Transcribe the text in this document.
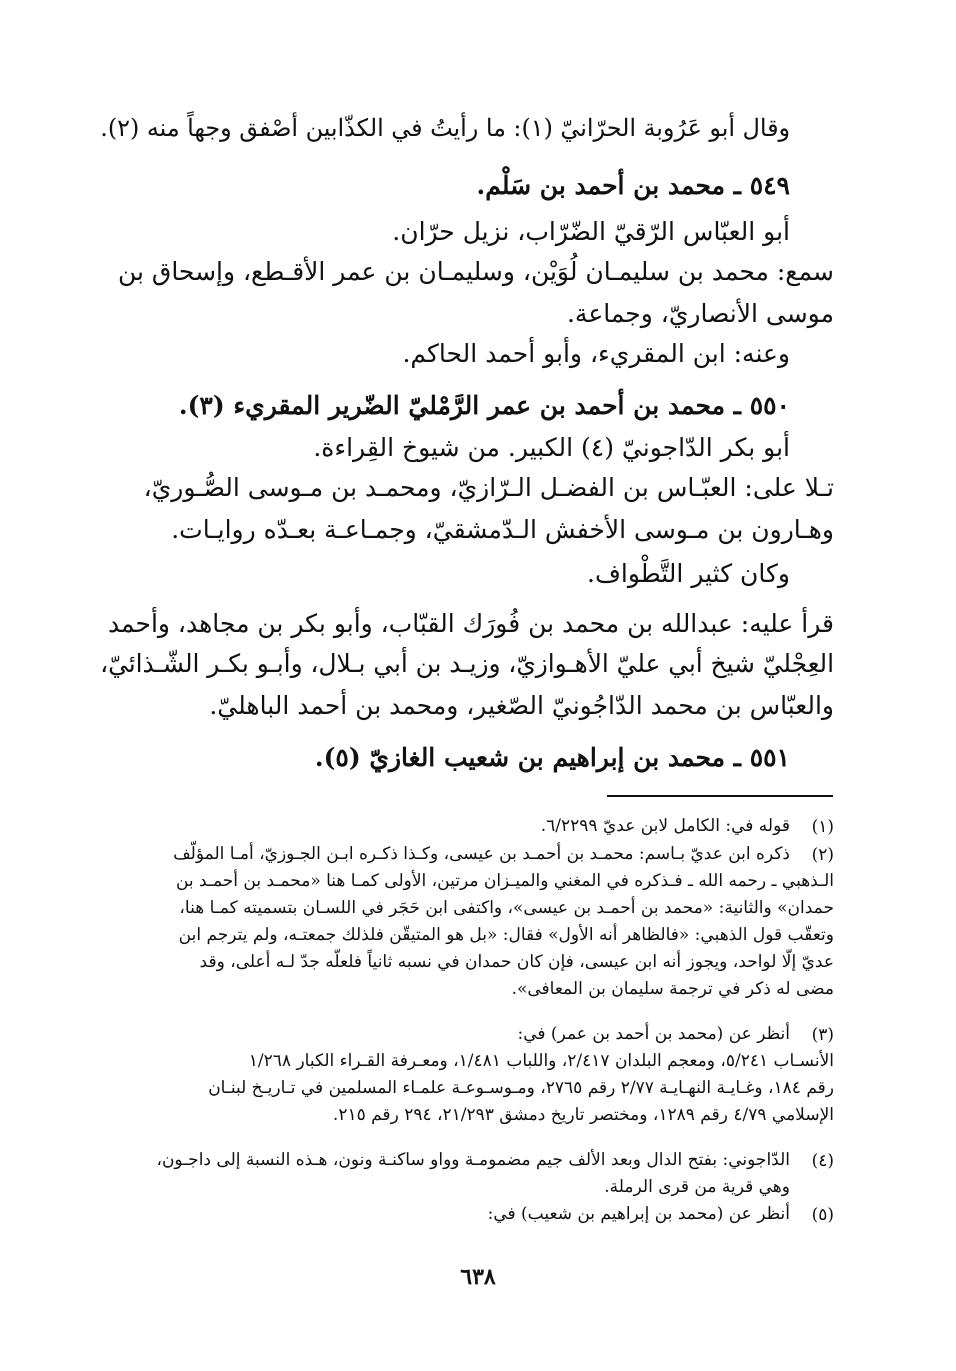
وقال أبو عَرُوبة الحرّانيّ (١): ما رأيتُ في الكذّابين أصْفق وجهاً منه (٢).
٥٤٩ ـ محمد بن أحمد بن سَلْم.
أبو العبّاس الرّقيّ الضّرّاب، نزيل حرّان.
سمع: محمد بن سليمـان لُوَيْن، وسليمـان بن عمر الأقـطع، وإسحاق بن
موسى الأنصاريّ، وجماعة.
وعنه: ابن المقريء، وأبو أحمد الحاكم.
٥٥٠ ـ محمد بن أحمد بن عمر الرَّمْليّ الضّرير المقريء (٣).
أبو بكر الدّاجونيّ (٤) الكبير. من شيوخ القِراءة.
تـلا على: العبّـاس بن الفضـل الـرّازيّ، ومحمـد بن مـوسى الصُّـوريّ،
وهـارون بن مـوسى الأخفش الـدّمشقيّ، وجمـاعـة بعـدّه روايـات.
وكان كثير التَّطْواف.
قرأ عليه: عبدالله بن محمد بن فُورَك القبّاب، وأبو بكر بن مجاهد، وأحمد
العِجْليّ شيخ أبي عليّ الأهـوازيّ، وزيـد بن أبي بـلال، وأبـو بكـر الشّـذائيّ،
والعبّاس بن محمد الدّاجُونيّ الصّغير، ومحمد بن أحمد الباهليّ.
٥٥١ ـ محمد بن إبراهيم بن شعيب الغازيّ (٥).
(١)
قوله في: الكامل لابن عديّ ٦/٢٢٩٩.
(٢)
ذكره ابن عديّ بـاسم: محمـد بن أحمـد بن عيسى، وكـذا ذكـره ابـن الجـوزيّ، أمـا المؤلّف
الـذهبي ـ رحمه الله ـ فـذكره في المغني والميـزان مرتين، الأولى كمـا هنا «محمـد بن أحمـد بن
حمدان» والثانية: «محمد بن أحمـد بن عيسى»، واكتفى ابن حَجَر في اللسـان بتسميته كمـا هنا،
وتعقّب قول الذهبي: «فالظاهر أنه الأول» فقال: «بل هو المتيقّن فلذلك جمعتـه، ولم يترجم ابن
عديّ إلّا لواحد، ويجوز أنه ابن عيسى، فإن كان حمدان في نسبه ثانياً فلعلّه جدّ لـه أعلى، وقد
مضى له ذكر في ترجمة سليمان بن المعافى».
(٣)
أنظر عن (محمد بن أحمد بن عمر) في:
الأنسـاب ٥/٢٤١، ومعجم البلدان ٢/٤١٧، واللباب ١/٤٨١، ومعـرفة القـراء الكبار ١/٢٦٨
رقم ١٨٤، وغـايـة النهـايـة ٢/٧٧ رقم ٢٧٦٥، ومـوسـوعـة علمـاء المسلمين في تـاريـخ لبنـان
الإسلامي ٤/٧٩ رقم ١٢٨٩، ومختصر تاريخ دمشق ٢١/٢٩٣، ٢٩٤ رقم ٢١٥.
(٤)
الدّاجوني: بفتح الدال وبعد الألف جيم مضمومـة وواو ساكنـة ونون، هـذه النسبة إلى داجـون،
وهي قرية من قرى الرملة.
(٥)
أنظر عن (محمد بن إبراهيم بن شعيب) في:
٦٣٨
